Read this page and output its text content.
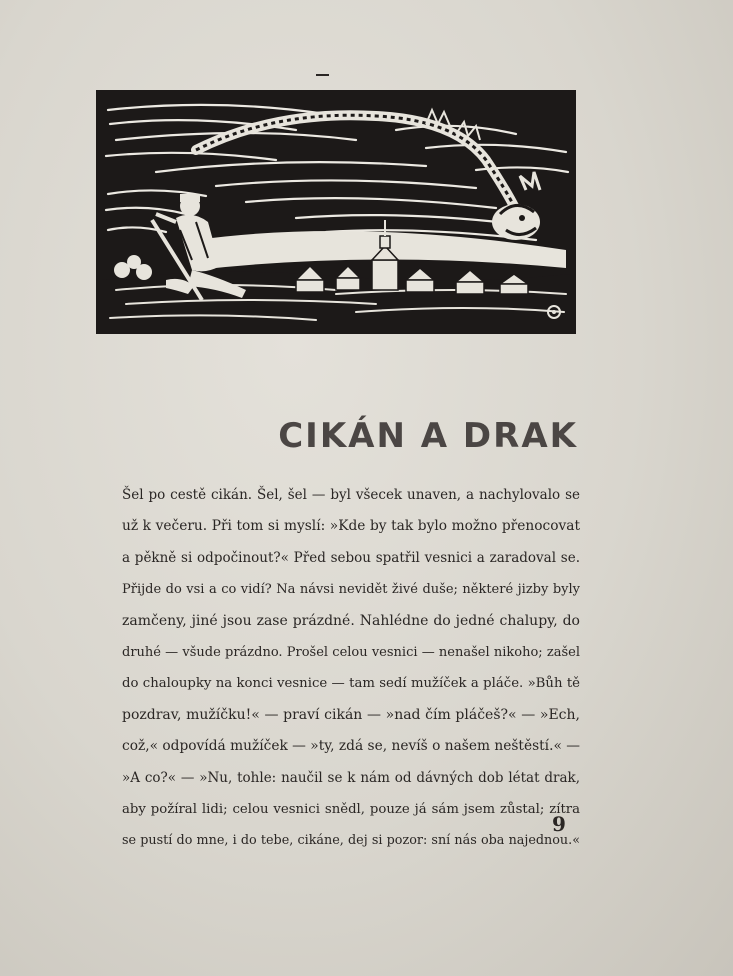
CIKÁN A DRAK
Šel po cestě cikán. Šel, šel — byl všecek unaven, a nachylovalo se
už k večeru. Při tom si myslí: »Kde by tak bylo možno přenocovat
a pěkně si odpočinout?« Před sebou spatřil vesnici a zaradoval se.
Přijde do vsi a co vidí? Na návsi nevidět živé duše; některé jizby byly
zamčeny, jiné jsou zase prázdné. Nahlédne do jedné chalupy, do
druhé — všude prázdno. Prošel celou vesnici — nenašel nikoho; zašel
do chaloupky na konci vesnice — tam sedí mužíček a pláče. »Bůh tě
pozdrav, mužíčku!« — praví cikán — »nad čím pláčeš?« — »Ech,
což,« odpovídá mužíček — »ty, zdá se, nevíš o našem neštěstí.« —
»A co?« — »Nu, tohle: naučil se k nám od dávných dob létat drak,
aby požíral lidi; celou vesnici snědl, pouze já sám jsem zůstal; zítra
se pustí do mne, i do tebe, cikáne, dej si pozor: sní nás oba najednou.«
9
